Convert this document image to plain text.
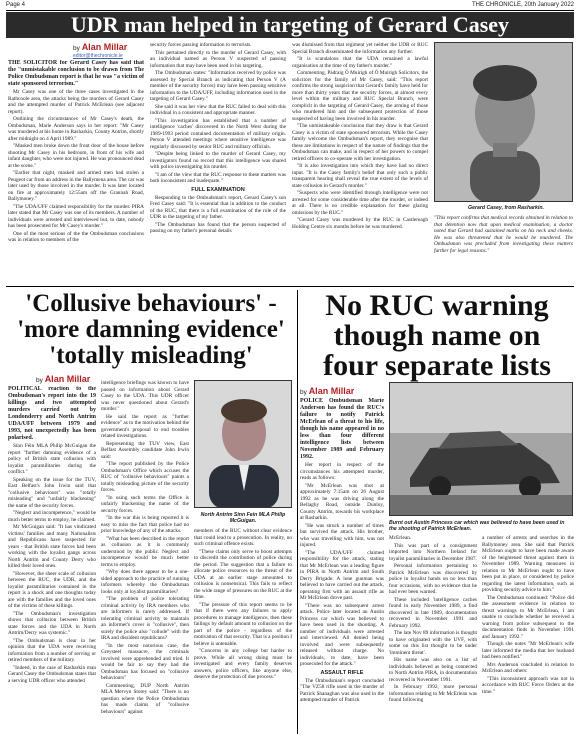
Page 4	THE CHRONICLE, 20th January 2022
UDR man helped in targeting of Gerard Casey
by Alan Millar
editor@thechronicle.ie

THE SOLICITOR for Gerard Casey has said that the "unmistakable conclusion to be drawn from The Police Ombudsman report is that he was "a victim of state sponsored terrorism."

Mr Casey was one of the three cases investigated in the Rathcoole area, the attacks being the murders of Gerard Casey and the attempted murder of Patrick McErlean (see adjacent report).

Outlining the circumstances of Mr Casey's death, the Ombudsman, Marie Anderson says in her report: "Mr Casey was murdered at his home in Rasharkin, County Antrim, shortly after midnight on 4 April 1989."

"Masked men broke down the front door of the house before shooting Mr Casey in his bedroom, in front of his wife and infant daughter, who were not injured. He was pronounced dead at the scene."

"Earlier that night, masked and armed men had stolen a Peugeot car from an address in the Ballymena area. The car was later used by those involved in the murder. It was later located on fire at approximately 12:55am off the Grannah Road, Ballymoney."

"The UDA/UFF claimed responsibility for the murder. PIRA later stated that Mr Casey was one of its members. A number of individuals were arrested and interviewed but, to date, nobody has been prosecuted for Mr Casey's murder."

One of the most serious of the the Ombudsman conclusions was in relation to members of the

security forces passing information to terrorists.

This pertained directly to the murder of Gerard Casey, with an individual named as Person V suspected of passing information that may have been used in his targeting.

The Ombudsman states: "Information received by police was assessed by Special Branch as indicating that Person V (A member of the security forces) may have been passing sensitive information to the UDA/UFF, including information used in the targeting of Gerard Casey."

She said it was her view that the RUC failed to deal with this individual in a consistent and appropriate manner.

"This investigation has established that a number of intelligence 'caches' discovered in the North West during the 1989-1993 period contained documentation of military origin. Person V attended meetings where sensitive intelligence was regularly discussed by senior RUC and military officials.

"Despite being linked to the murder of Gerard Casey, my investigators found no record that this intelligence was shared with police investigating his murder.

"I am of the view that the RUC response to these matters was both inconsistent and inadequate."

FULL EXAMINATION

Responding to the Ombudsman's report, Gerard Casey's son Fred Casey said: "It is essential that in addition to the conduct of the RUC, that there is a full examination of the role of the UDR in the targeting of my father.

"The Ombudsman has found that the person suspected of passing on my father's personal details

was dismissed from that regiment yet neither the UDR or RUC Special Branch disseminated the information any further.

"It is scandalous that the UDA remained a lawful organisation at the time of my father's murder."

Commenting, Pádraig Ó Muirigh of Ó Muirigh Solicitors, the solicitors for the family of Mr Casey, said: "This report confirms the strong suspicion that Gerard's family have held for more than thirty years that the security forces, at almost every level within the military and RUC Special Branch, were complicit in the targeting of Gerard Casey, the arming of those who murdered him and the subsequent protection of those suspected of having been involved in his murder.

"The unmistakeable conclusion that they draw is that Gerard Casey is a victim of state sponsored terrorism. While the Casey family welcome the Ombudsman's report, they recognise that these are limitations in respect of the nature of findings that the Ombudsman can make, and in respect of her powers to compel retired officers to co-operate with her investigation.

"It is also investigation into which they have had no direct input. "It is the Casey family's belief that only such a public transparent hearing shall reveal the true extent of the levels of state collusion in Gerard's murder."

"Suspects who were identified through intelligence were not arrested for some considerable time after the murder, or indeed at all. There is no credible explanation for these glaring omissions by the RUC."

"Gerard Casey was murdered by the RUC in Castlereagh Holding Centre six months before he was murdered.

Gerard Casey, from Rasharkin.

"This report confirms that medical records obtained in relation to that detention now that upon medical examination, a doctor noted that Gerard had sustained marks on his neck and cheeks. He was also threatened that he would be murdered. The Ombudsman was precluded from investigating these matters further for legal reasons."

'Collusive behaviours' -
'more damning evidence'
'totally misleading'
No RUC warning
though name on
four separate lists
by Alan Millar

POLITICAL reaction to the Ombudsman's report into the 19 killings and two attempted murders carried out by Londonderry and North Antrim UDA/UFF between 1979 and 1993, not unexpectedly has been polarised.

Sinn Féin MLA Philip McGuigan the report "further damning evidence of a policy of British state collusion with loyalist paramilitaries during the conflict."

Speaking on the issue for the TUV, East Belfast's John Irwin said that "collusive behaviours" was "totally misleading" and "unfairly blackening" the name of the security forces.

"Neglect and incompetence," would be much better terms to employ, he claimed.

Mr McGuigan said: "It has vindicated victims' families and many Nationalists and Republicans have suspected for years - that British state forces had been working with the loyalist gangs across North Antrim and County Derry who killed their loved ones.

"However, the sheer scale of collusion between the RUC, the UDR, and the loyalist paramilitaries contained in the report is a shock and one thoughts today are with the families and the loved ones of the victims of these killings.

"The Ombudsman's investigation shows that collusion between British state forces and the UDA in North Antrim/Derry was systemic."

"The Ombudsman is clear in her opinion that the UDA were receiving information from a number of serving or retired members of the military.

"Indeed, in the case of Rasharkin man Gerard Casey the Ombudsman states that a serving UDR officer who attended

intelligence briefings was known to have passed on information about Gerard Casey to the UDA. This UDR officer was never questioned about Gerard's murder."

He said the report as "further evidence" as to the motivation behind the government's proposal to end troubles related investigations.

Representing the TUV view, East Belfast Assembly candidate John Irwin said:

"The report published by the Police Ombudsman's Office which accuses the RUC of "collusive behaviours" paints a totally misleading picture of the security forces.

"In using such terms the Office is unfairly blackening the name of the security forces.

"In the war this is being reported it is easy to miss the fact that police had no prior knowledge of any of the attacks.

"What has been described in the report as collusion as it is commonly understood by the public. Neglect and incompetence would be much better terms to employ.

"Why does there appear to be a one-sided approach to the practice of running informers whereby the Ombudsman looks only at loyalist paramilitaries?

"The problem of police tolerating criminal activity by IRA members who are informers is rarely addressed. If tolerating criminal activity to maintain an informer's cover is "collusive", then surely the police also "collude" with the IRA and dissident republicans?

"In the most notorious case, the Greysteel massacre, the criminals involved were apprehended and tried. It would be fair to say they had the Ombudsman has focused on "collusive behaviours"

Commenting, DUP North Antrim MLA Mervyn Storey said: "There is no question where the Police Ombudsman has made claims of "collusive behaviours" against

North Antrim Sinn Fein MLA Philip McGuigan.

members of the RUC without clear evidence that could lead to a prosecution. In reality, no such criminal offence exists.

"These claims only serve to boost attempts to discredit the contribution of police during the period. The suggestion that a failure to allocate police resources to the threat of the UDA at an earlier stage amounted to collusion is nonsensical. This fails to reflect the wide range of pressures on the RUC at the time.

"The pressure of this report seems to be that if there were any failures to apply procedures to manage intelligence, then these failings by default amount to collusion on the part of the police - regardless of the motivation of that security. That is a position I believe is untenable.

"Concerns in any college but harder to prove. While all wrong doing must be investigated and every family deserves answers, police officers, like anyone else, deserve the protection of due process."

Burnt out Austin Princess car which was believed to have been used in the shooting of Patrick McErlean.
by Alan Millar

POLICE Ombudsman Marie Anderson has found the RUC's failure to notify Patrick McErlean of a threat to his life, though his name appeared in no less than four different intelligence lists between November 1989 and February 1992.

Her report in respect of the circumstances his attempted murder, reads as follows:

"Mr McErlean was shot at approximately 7:15am on 26 August 1992 as he was driving along the Bellaghy Road, outside Dunloy, County Antrim, towards his workplace at Rasharkin.

"He was struck a number of times but survived the attack. His brother, who was travelling with him, was not injured.

"The UDA/UFF claimed responsibility for the attack, stating that Mr McErlean was a leading figure in PIRA in North Antrim and South Derry Brigade. A lone gunman was believed to have carried out the attack, operating first with an assault rifle as Mr McErlean drove past.

"There was no subsequent arrest attack. Police later located an Austin Princess car which was believed to have been used in the shooting. A number of individuals were arrested and interviewed. All denied being involved and were subsequently released without charge. No individuals, to date, have been prosecuted for the attack."

ASSAULT RIFLE

The Ombudsman's report concluded "The VZ58 rifle used in the murder of Patrick Shanaghan was also used in the attempted murder of Patrick

McErlean.

This was part of a consignment imported into Northern Ireland for loyalist paramilitaries in December 1987.

Personal information pertaining to Patrick McErlean was discovered by police in loyalist hands on no less than four occasions, with no evidence that he had ever been warned.

These included 'intelligence caches found in early November 1989, a find discovered in late 1989, documentation recovered in November 1991 and February 1992.

The late Nov 89 information is thought to have originated with the UVF, with some on this list thought to be under 'imminent threat'.

His name was also on a list of individuals believed as being connected to North Antrim PIRA, in documentation recovered in November 1991.

In February 1992, more personal information relating to Mr McErlean was found following

a number of arrests and searches in the Ballymoney area. She said that Patrick McErlean ought to have been made aware of the heightened threat against them in November 1989. Warning measures in relation to Mr McErlean ought to have been put in place, or considered by police regarding the latest information, such as providing security advice to him."

The Ombudsman continued: "Police did the assessment evidence in relation to threat warnings to Mr McErlean, I am unable to conclude whether he received a warning from police subsequent to the documentation finds in November 1991 and January 1992."

Though she notes "Mr McErlean's wife later informed the media that her husband had been notified."

Mrs Anderson concluded in relation to McErlean and others:

"This inconsistent approach was not in accordance with RUC Force Orders at the time."
